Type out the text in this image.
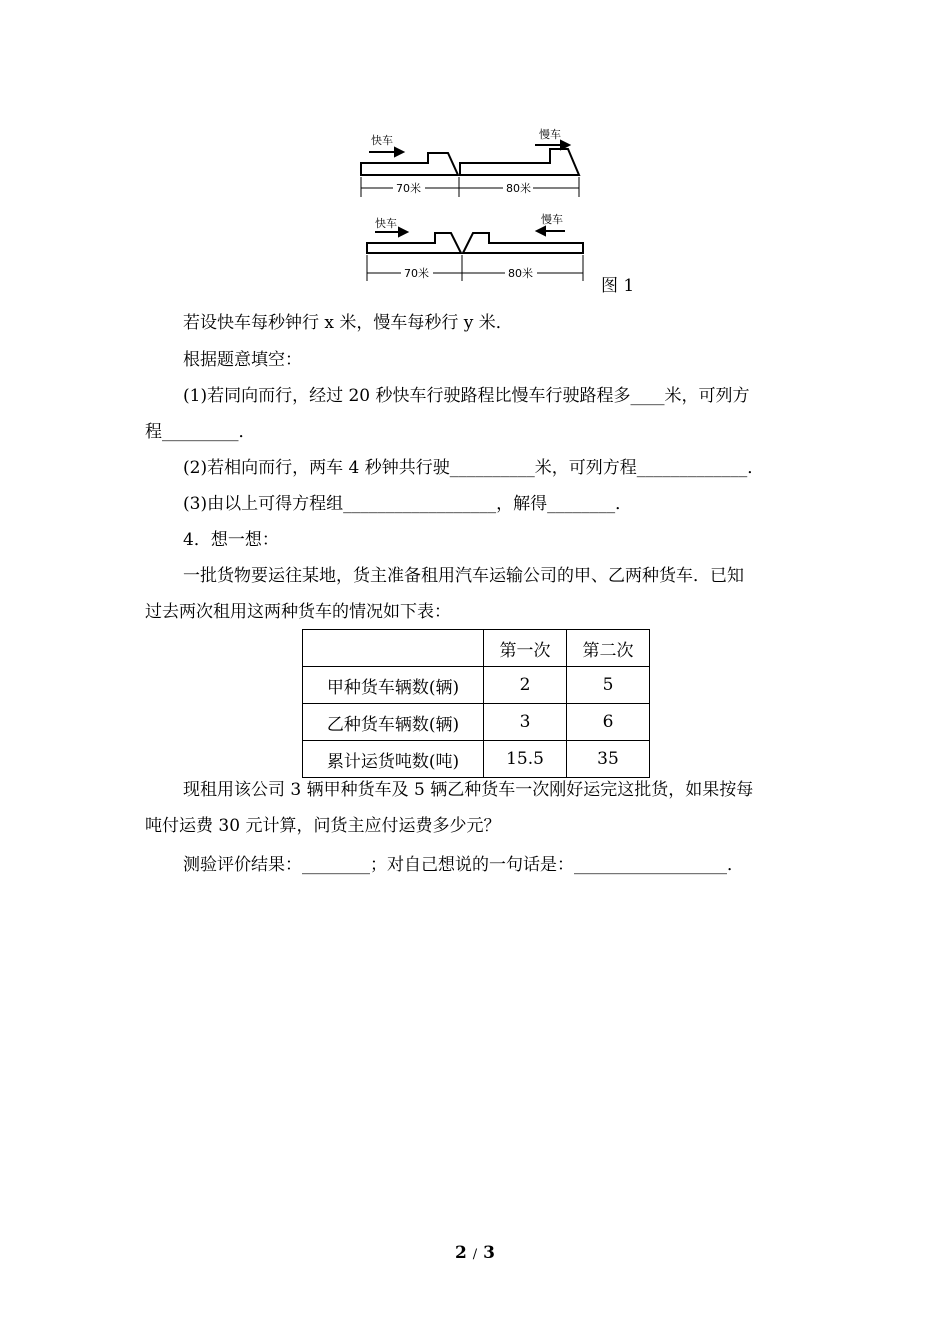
快车	慢车
70米	80米
快车	慢车
70米	80米
图 1
若设快车每秒钟行 x 米，慢车每秒行 y 米．
根据题意填空：
(1)若同向而行，经过 20 秒快车行驶路程比慢车行驶路程多____米，可列方
程_________．
(2)若相向而行，两车 4 秒钟共行驶__________米，可列方程_____________．
(3)由以上可得方程组__________________，解得________．
4．想一想：
一批货物要运往某地，货主准备租用汽车运输公司的甲、乙两种货车．已知
过去两次租用这两种货车的情况如下表：
	第一次	第二次
甲种货车辆数(辆)	2	5
乙种货车辆数(辆)	3	6
累计运货吨数(吨)	15.5	35
现租用该公司 3 辆甲种货车及 5 辆乙种货车一次刚好运完这批货，如果按每
吨付运费 30 元计算，问货主应付运费多少元？
测验评价结果：________；对自己想说的一句话是：__________________．
2 / 3
